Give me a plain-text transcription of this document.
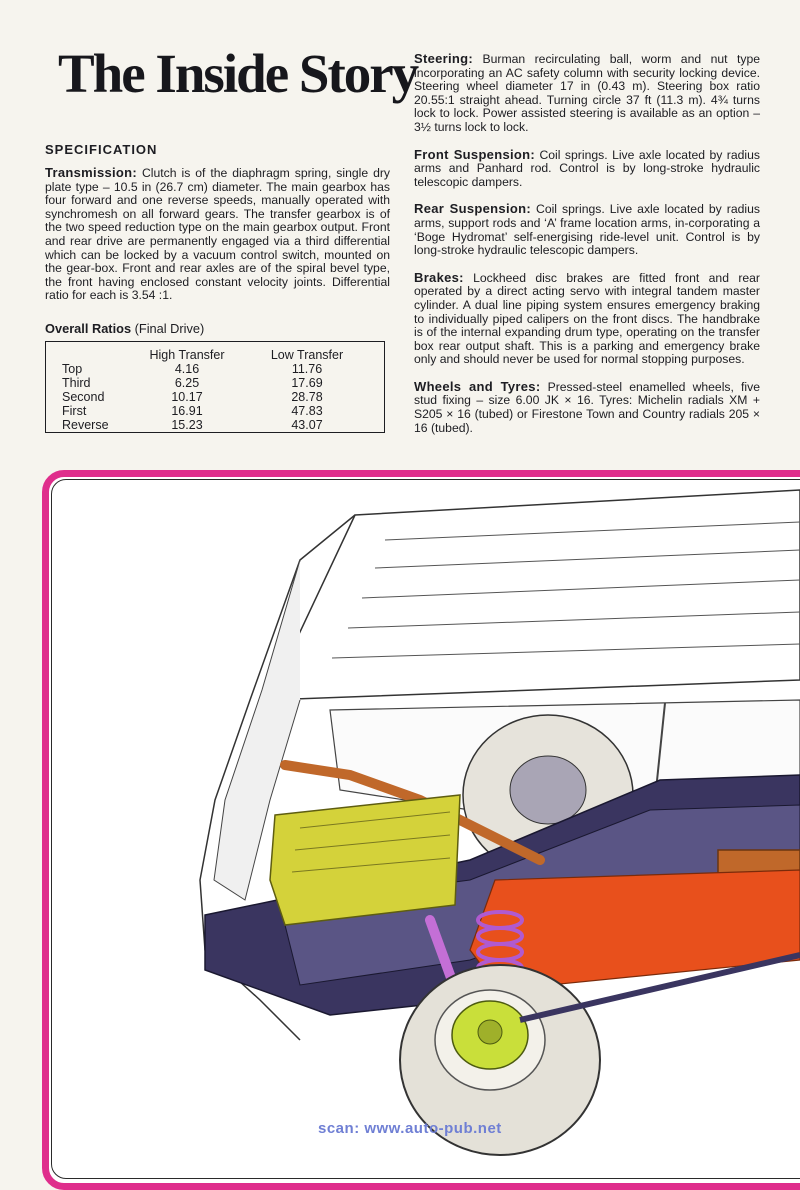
The Inside Story
SPECIFICATION

Transmission: Clutch is of the diaphragm spring, single dry plate type – 10.5 in (26.7 cm) diameter. The main gearbox has four forward and one reverse speeds, manually operated with synchromesh on all forward gears. The transfer gearbox is of the two speed reduction type on the main gearbox output. Front and rear drive are permanently engaged via a third differential which can be locked by a vacuum control switch, mounted on the gear-box. Front and rear axles are of the spiral bevel type, the front having enclosed constant velocity joints. Differential ratio for each is 3.54 :1.

Overall Ratios (Final Drive)
	High Transfer	Low Transfer
Top	4.16	11.76
Third	6.25	17.69
Second	10.17	28.78
First	16.91	47.83
Reverse	15.23	43.07

Steering: Burman recirculating ball, worm and nut type incorporating an AC safety column with security locking device. Steering wheel diameter 17 in (0.43 m). Steering box ratio 20.55:1 straight ahead. Turning circle 37 ft (11.3 m). 4¾ turns lock to lock. Power assisted steering is available as an option – 3½ turns lock to lock.

Front Suspension: Coil springs. Live axle located by radius arms and Panhard rod. Control is by long-stroke hydraulic telescopic dampers.

Rear Suspension: Coil springs. Live axle located by radius arms, support rods and ‘A’ frame location arms, in-corporating a ‘Boge Hydromat’ self-energising ride-level unit. Control is by long-stroke hydraulic telescopic dampers.

Brakes: Lockheed disc brakes are fitted front and rear operated by a direct acting servo with integral tandem master cylinder. A dual line piping system ensures emergency braking to individually piped calipers on the front discs. The handbrake is of the internal expanding drum type, operating on the transfer box rear output shaft. This is a parking and emergency brake only and should never be used for normal stopping purposes.

Wheels and Tyres: Pressed-steel enamelled wheels, five stud fixing – size 6.00 JK × 16. Tyres: Michelin radials XM + S205 × 16 (tubed) or Firestone Town and Country radials 205 × 16 (tubed).

scan: www.auto-pub.net
